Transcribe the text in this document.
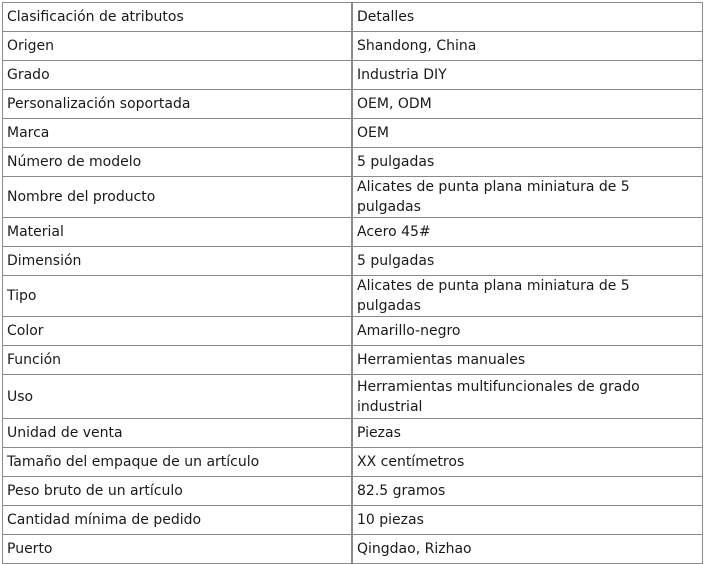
Clasificación de atributos	Detalles
Origen	Shandong, China
Grado	Industria DIY
Personalización soportada	OEM, ODM
Marca	OEM
Número de modelo	5 pulgadas
Nombre del producto	Alicates de punta plana miniatura de 5 pulgadas
Material	Acero 45#
Dimensión	5 pulgadas
Tipo	Alicates de punta plana miniatura de 5 pulgadas
Color	Amarillo-negro
Función	Herramientas manuales
Uso	Herramientas multifuncionales de grado industrial
Unidad de venta	Piezas
Tamaño del empaque de un artículo	XX centímetros
Peso bruto de un artículo	82.5 gramos
Cantidad mínima de pedido	10 piezas
Puerto	Qingdao, Rizhao
